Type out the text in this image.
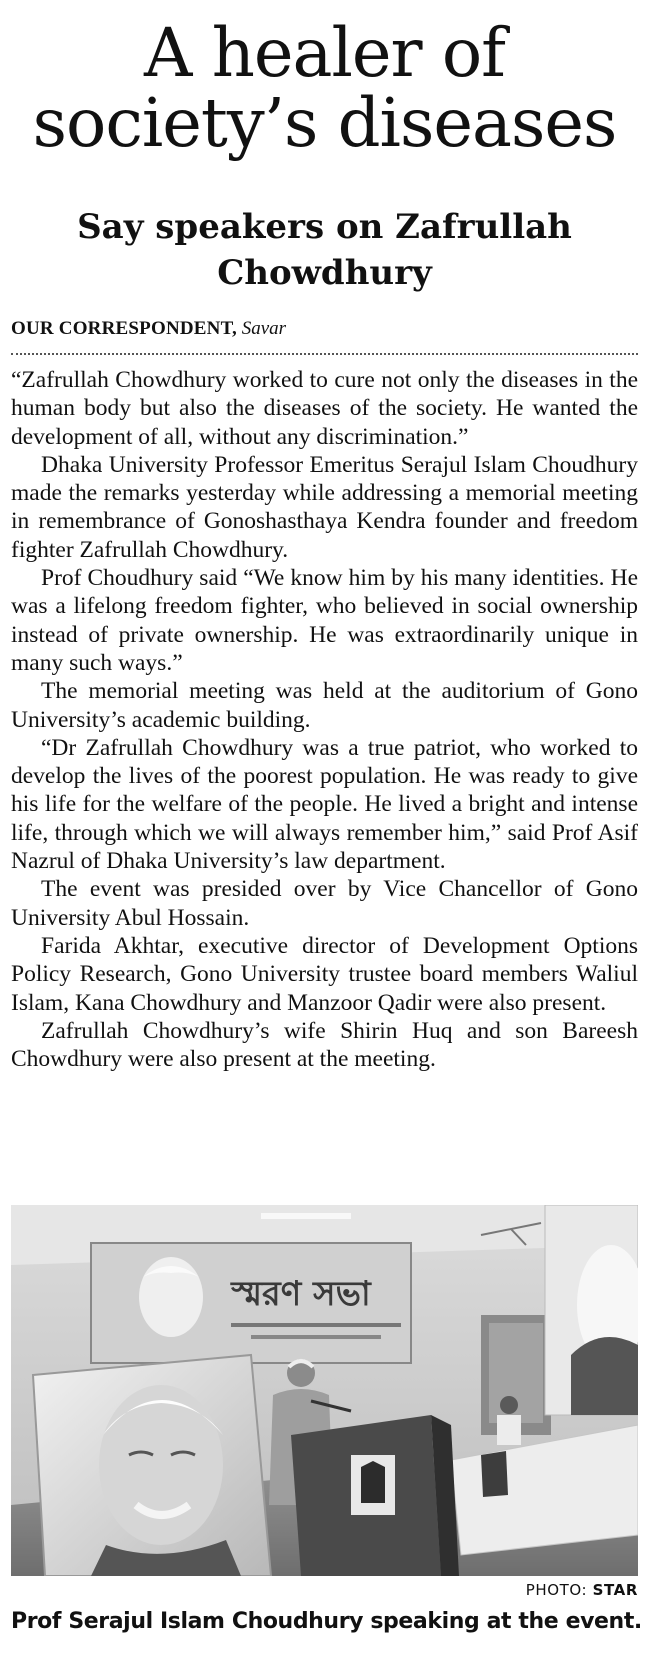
A healer of
society’s diseases
Say speakers on Zafrullah
Chowdhury
OUR CORRESPONDENT, Savar

“Zafrullah Chowdhury worked to cure not only the diseases in the human body but also the diseases of the society. He wanted the development of all, without any discrimination.”

Dhaka University Professor Emeritus Serajul Islam Choudhury made the remarks yesterday while addressing a memorial meeting in remembrance of Gonoshasthaya Kendra founder and freedom fighter Zafrullah Chowdhury.

Prof Choudhury said “We know him by his many identities. He was a lifelong freedom fighter, who believed in social ownership instead of private ownership. He was extraordinarily unique in many such ways.”

The memorial meeting was held at the auditorium of Gono University’s academic building.

“Dr Zafrullah Chowdhury was a true patriot, who worked to develop the lives of the poorest population. He was ready to give his life for the welfare of the people. He lived a bright and intense life, through which we will always remember him,” said Prof Asif Nazrul of Dhaka University’s law department.

The event was presided over by Vice Chancellor of Gono University Abul Hossain.

Farida Akhtar, executive director of Development Options Policy Research, Gono University trustee board members Waliul Islam, Kana Chowdhury and Manzoor Qadir were also present.

Zafrullah Chowdhury’s wife Shirin Huq and son Bareesh Chowdhury were also present at the meeting.

স্মরণ সভা
PHOTO: STAR
Prof Serajul Islam Choudhury speaking at the event.
